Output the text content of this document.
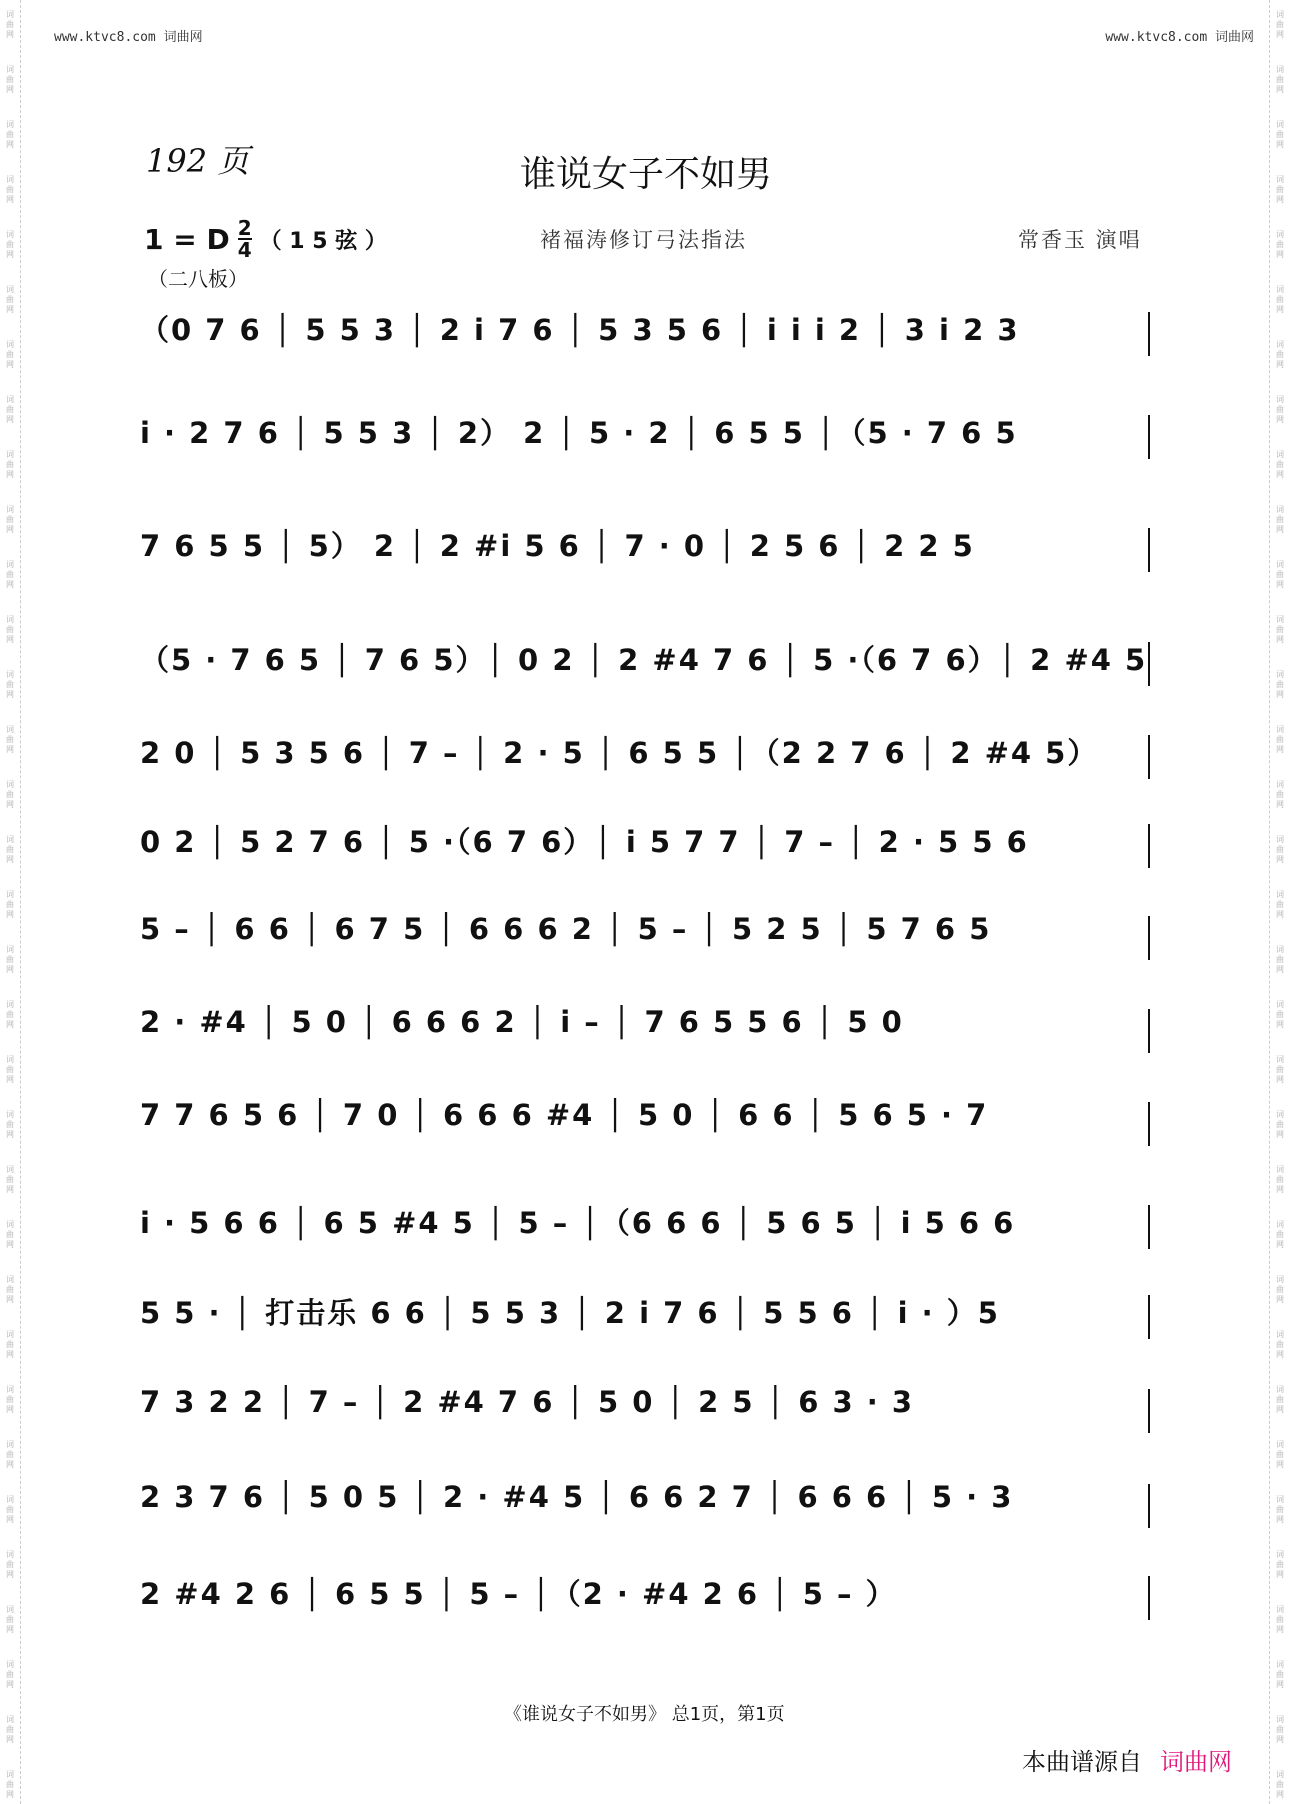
词
曲
网
词
曲
网
词
曲
网
词
曲
网
词
曲
网
词
曲
网
词
曲
网
词
曲
网
词
曲
网
词
曲
网
词
曲
网
词
曲
网
词
曲
网
词
曲
网
词
曲
网
词
曲
网
词
曲
网
词
曲
网
词
曲
网
词
曲
网
词
曲
网
词
曲
网
词
曲
网
词
曲
网
词
曲
网
词
曲
网
词
曲
网
词
曲
网
词
曲
网
词
曲
网
词
曲
网
词
曲
网
词
曲
网
词
曲
网
词
曲
网
词
曲
网
词
曲
网
词
曲
网
词
曲
网
词
曲
网
词
曲
网
词
曲
网
词
曲
网
词
曲
网
词
曲
网
词
曲
网
词
曲
网
词
曲
网
词
曲
网
词
曲
网
词
曲
网
词
曲
网
词
曲
网
词
曲
网
词
曲
网
词
曲
网
词
曲
网
词
曲
网
词
曲
网
词
曲
网
词
曲
网
词
曲
网
词
曲
网
词
曲
网
词
曲
网
词
曲
网
www.ktvc8.com 词曲网	www.ktvc8.com 词曲网
192 页	谁说女子不如男
1 = D $\frac{2}{4}$ （ 1 5 弦 ）
（二八板）
褚福涛修订弓法指法	常香玉 演唱
（0 7 6 │ 5 5 3 │ 2 i 7 6 │ 5 3 5 6 │ i i i 2 │ 3 i 2 3
i · 2 7 6 │ 5 5 3 │ 2） 2 │ 5 · 2 │ 6 5 5 │（5 · 7 6 5
7 6 5 5 │ 5） 2 │ 2 #i 5 6 │ 7 · 0 │ 2 5 6 │ 2 2 5
（5 · 7 6 5 │ 7 6 5）│ 0 2 │ 2 #4 7 6 │ 5 ·（6 7 6）│ 2 #4 5
2 0 │ 5 3 5 6 │ 7 – │ 2 · 5 │ 6 5 5 │（2 2 7 6 │ 2 #4 5）
0 2 │ 5 2 7 6 │ 5 ·（6 7 6）│ i 5 7 7 │ 7 – │ 2 · 5 5 6
5 – │ 6 6 │ 6 7 5 │ 6 6 6 2 │ 5 – │ 5 2 5 │ 5 7 6 5
2 · #4 │ 5 0 │ 6 6 6 2 │ i – │ 7 6 5 5 6 │ 5 0
7 7 6 5 6 │ 7 0 │ 6 6 6 #4 │ 5 0 │ 6 6 │ 5 6 5 · 7
i · 5 6 6 │ 6 5 #4 5 │ 5 – │（6 6 6 │ 5 6 5 │ i 5 6 6
5 5 · │ 打击乐 6 6 │ 5 5 3 │ 2 i 7 6 │ 5 5 6 │ i · ）5
7 3 2 2 │ 7 – │ 2 #4 7 6 │ 5 0 │ 2 5 │ 6 3 · 3
2 3 7 6 │ 5 0 5 │ 2 · #4 5 │ 6 6 2 7 │ 6 6 6 │ 5 · 3
2 #4 2 6 │ 6 5 5 │ 5 – │（2 · #4 2 6 │ 5 – ）
《谁说女子不如男》 总1页，第1页
本曲谱源自 词曲网
